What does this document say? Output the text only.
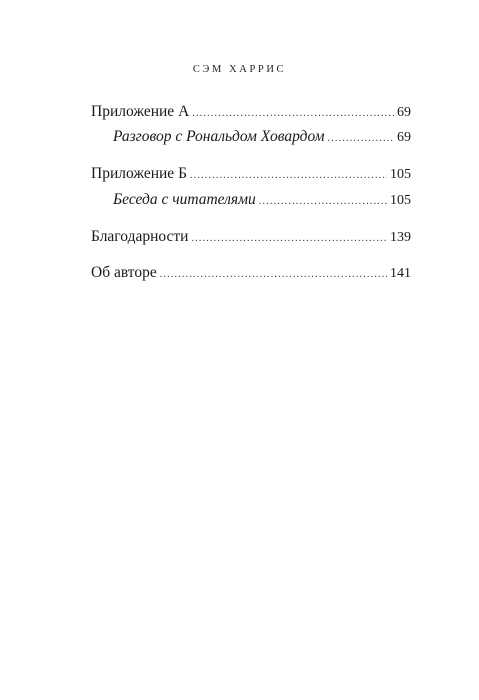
СЭМ ХАРРИС
Приложение А .....	69
Разговор с Рональдом Ховардом .....	69
Приложение Б .....	105
Беседа с читателями .....	105
Благодарности .....	139
Об авторе .....	141
